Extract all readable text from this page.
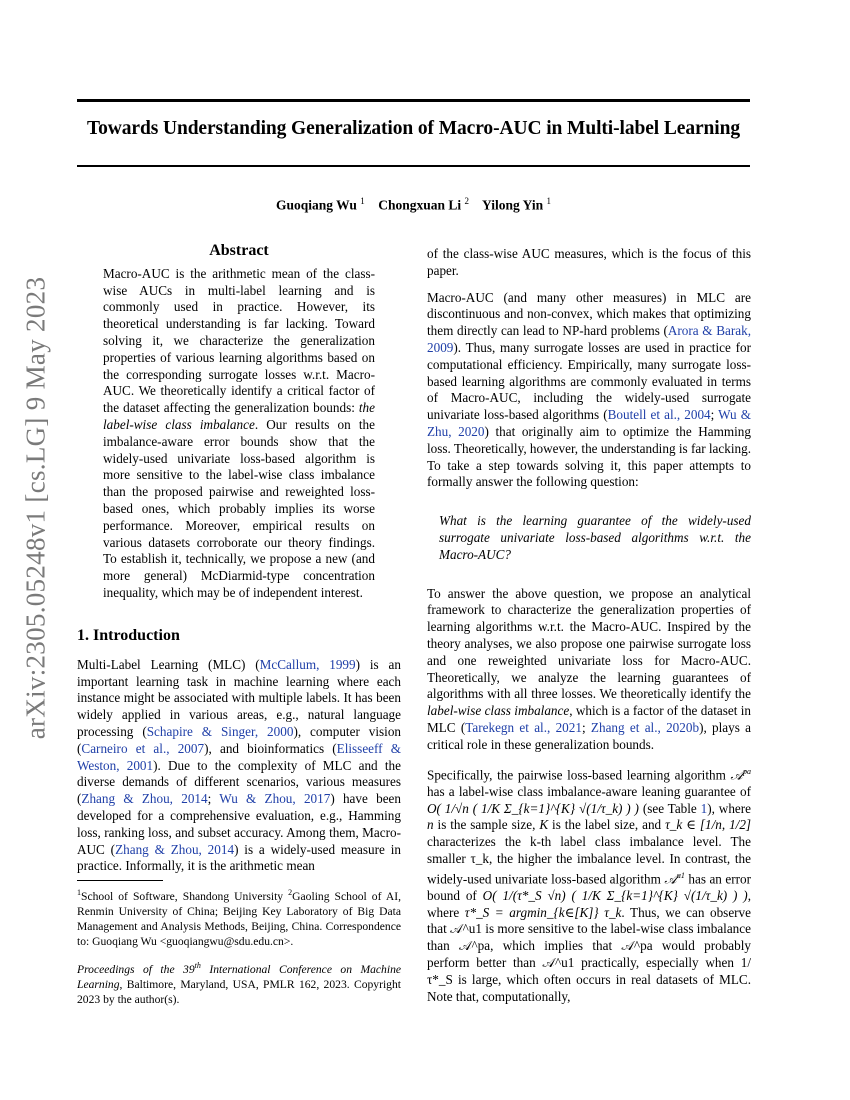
Towards Understanding Generalization of Macro-AUC in Multi-label Learning
Guoqiang Wu $^1$ Chongxuan Li $^2$ Yilong Yin $^1$
arXiv:2305.05248v1 [cs.LG] 9 May 2023
Abstract

Macro-AUC is the arithmetic mean of the class-wise AUCs in multi-label learning and is commonly used in practice. However, its theoretical understanding is far lacking. Toward solving it, we characterize the generalization properties of various learning algorithms based on the corresponding surrogate losses w.r.t. Macro-AUC. We theoretically identify a critical factor of the dataset affecting the generalization bounds: the label-wise class imbalance. Our results on the imbalance-aware error bounds show that the widely-used univariate loss-based algorithm is more sensitive to the label-wise class imbalance than the proposed pairwise and reweighted loss-based ones, which probably implies its worse performance. Moreover, empirical results on various datasets corroborate our theory findings. To establish it, technically, we propose a new (and more general) McDiarmid-type concentration inequality, which may be of independent interest.

1. Introduction

Multi-Label Learning (MLC) (McCallum, 1999) is an important learning task in machine learning where each instance might be associated with multiple labels. It has been widely applied in various areas, e.g., natural language processing (Schapire & Singer, 2000), computer vision (Carneiro et al., 2007), and bioinformatics (Elisseeff & Weston, 2001). Due to the complexity of MLC and the diverse demands of different scenarios, various measures (Zhang & Zhou, 2014; Wu & Zhou, 2017) have been developed for a comprehensive evaluation, e.g., Hamming loss, ranking loss, and subset accuracy. Among them, Macro-AUC (Zhang & Zhou, 2014) is a widely-used measure in practice. Informally, it is the arithmetic mean

$^1$School of Software, Shandong University $^2$Gaoling School of AI, Renmin University of China; Beijing Key Laboratory of Big Data Management and Analysis Methods, Beijing, China. Correspondence to: Guoqiang Wu <guoqiangwu@sdu.edu.cn>.
Proceedings of the 39th International Conference on Machine Learning, Baltimore, Maryland, USA, PMLR 162, 2023. Copyright 2023 by the author(s).

of the class-wise AUC measures, which is the focus of this paper.

Macro-AUC (and many other measures) in MLC are discontinuous and non-convex, which makes that optimizing them directly can lead to NP-hard problems (Arora & Barak, 2009). Thus, many surrogate losses are used in practice for computational efficiency. Empirically, many surrogate loss-based learning algorithms are commonly evaluated in terms of Macro-AUC, including the widely-used surrogate univariate loss-based algorithms (Boutell et al., 2004; Wu & Zhu, 2020) that originally aim to optimize the Hamming loss. Theoretically, however, the understanding is far lacking. To take a step towards solving it, this paper attempts to formally answer the following question:

What is the learning guarantee of the widely-used surrogate univariate loss-based algorithms w.r.t. the Macro-AUC?

To answer the above question, we propose an analytical framework to characterize the generalization properties of learning algorithms w.r.t. the Macro-AUC. Inspired by the theory analyses, we also propose one pairwise surrogate loss and one reweighted univariate loss for Macro-AUC. Theoretically, we analyze the learning guarantees of algorithms with all three losses. We theoretically identify the label-wise class imbalance, which is a factor of the dataset in MLC (Tarekegn et al., 2021; Zhang et al., 2020b), plays a critical role in these generalization bounds.

Specifically, the pairwise loss-based learning algorithm 𝒜$^{pa}$ has a label-wise class imbalance-aware leaning guarantee of O( 1/√n ( 1/K Σ_{k=1}^{K} √(1/τ_k) ) ) (see Table 1), where n is the sample size, K is the label size, and τ_k ∈ [1/n, 1/2] characterizes the k-th label class imbalance level. The smaller τ_k, the higher the imbalance level. In contrast, the widely-used univariate loss-based algorithm 𝒜$^{u1}$ has an error bound of O( 1/(τ*_S √n) ( 1/K Σ_{k=1}^{K} √(1/τ_k) ) ), where τ*_S = argmin_{k∈[K]} τ_k. Thus, we can observe that 𝒜^u1 is more sensitive to the label-wise class imbalance than 𝒜^pa, which implies that 𝒜^pa would probably perform better than 𝒜^u1 practically, especially when 1/τ*_S is large, which often occurs in real datasets of MLC. Note that, computationally,
